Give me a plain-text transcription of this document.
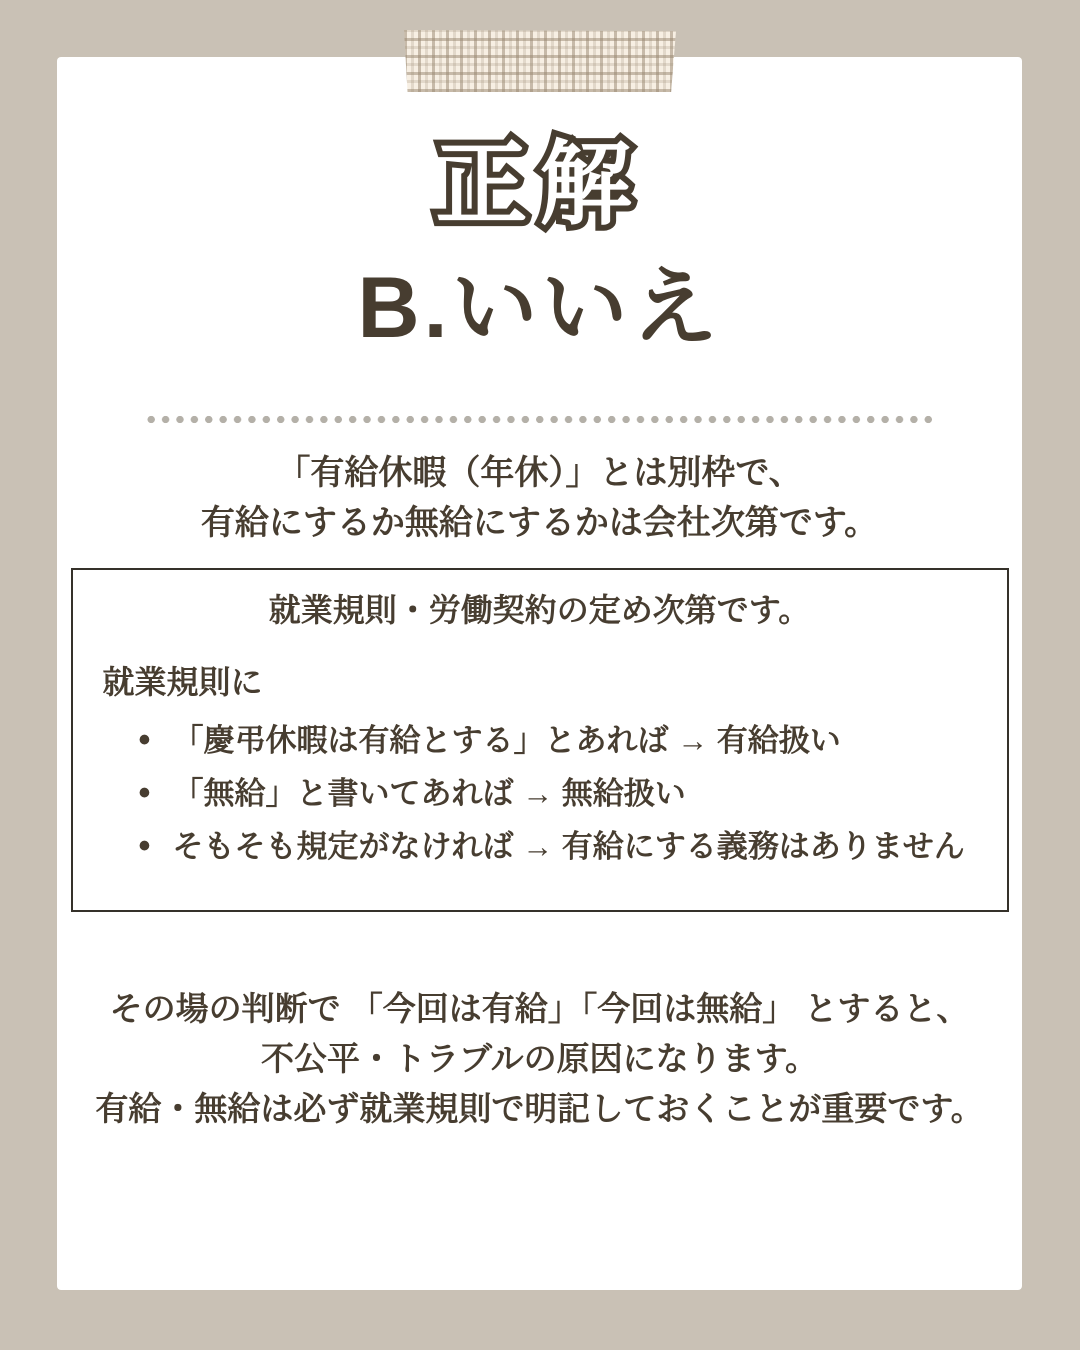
正解
B.いいえ
「有給休暇（年休）」とは別枠で、
有給にするか無給にするかは会社次第です。

就業規則・労働契約の定め次第です。

就業規則に

• 「慶弔休暇は有給とする」とあれば → 有給扱い
• 「無給」と書いてあれば → 無給扱い
• そもそも規定がなければ → 有給にする義務はありません
その場の判断で 「今回は有給」「今回は無給」 とすると、
不公平・トラブルの原因になります。
有給・無給は必ず就業規則で明記しておくことが重要です。
